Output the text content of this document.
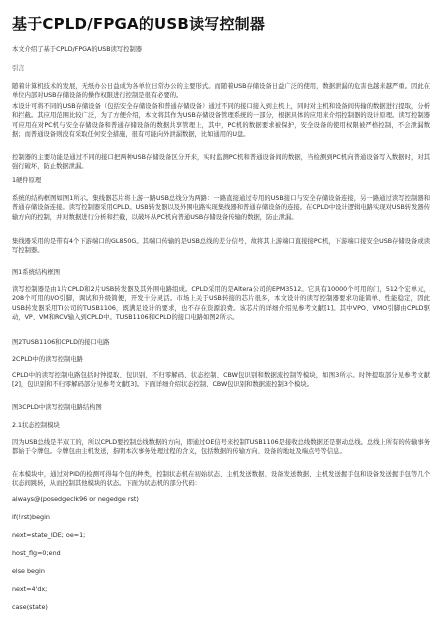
基于CPLD/FPGA的USB读写控制器

本文介绍了基于CPLD/FPGA的USB读写控制器

引言

随着计算机技术的发展，无纸办公日益成为各单位日常办公的主要形式。而随着USB存储设备日益广泛的使用，数据泄漏的危害也越来越严重。因此在单位内部对USB存储设备的操作权限进行控制是很有必要的。

本设计可将不同的USB存储设备（包括安全存储设备和普通存储设备）通过不同的接口接入到主机上，同时对主机和设备间传输的数据进行提取，分析和拦截。其应用范围比较广泛，为了方便介绍，本文将其作为USB存储设备管理系统的一部分，根据具体的应用来介绍控制器的设计原理。读写控制器可应用在对PC机与安全存储设备和普通存储设备的数据共享管理上，其中，PC机的数据要求被保护，安全设备的使用权限被严格控制，不会泄漏数据；而普通设备则没有采取任何安全措施，很有可能向外泄漏数据，比如通用的U盘。

控制器的主要功能是通过不同的接口把两种USB存储设备区分开来，实时监测PC机和普通设备间的数据，当检测到PC机向普通设备写入数据时，对其强行破坏，防止数据泄漏。

1硬件原理

系统的结构框图如图1所示。集线器芯片将上游一路USB总线分为两路：一路直接通过专用的USB接口与安全存储设备连接，另一路通过读写控制器和普通存储设备连接。读写控制器采用CPLD。USB转发器以及外围电路实现集线器和普通存储设备的连接。在CPLD中设计逻辑电路实现对USB转发器传输方向的控制，并对数据进行分析和拦截，以破坏从PC机向普通USB存储设备传输的数据，防止泄漏。

集线器采用的是带有4个下游端口的GL850G。其端口传输的是USB总线的差分信号，故将其上游端口直接接PC机，下游端口接安全USB存储设备或读写控制器。

图1系统结构框图

读写控制器是由1片CPLD和2片USB转发器及其外围电路组成。CPLD采用的是Altera公司的EPM3512。它具有10000个可用的门，512个宏单元，208个可用的I/O引脚，调试和升级简便，开发十分灵活。市场上关于USB转接的芯片很多，本文设计的读写控制器要求功能简单、性能稳定，因此USB转发器采用TI公司的TUSB1106，既满足设计的要求，也不存在资源浪费。该芯片的详细介绍见参考文献[1]。其中VPO、VMO引脚由CPLD驱动，VP、VM和RCV输入到CPLD中。TUSB1106和CPLD的接口电路如图2所示。

图2TUSB1106和CPLD的接口电路

2CPLD中的读写控制电路

CPLD中的读写控制电路包括时钟提取、包识别、不归零解码、状态控制、CBW包识别和数据流控制等模块，如图3所示。时钟提取部分见参考文献[2]，包识别和不归零解码部分见参考文献[3]。下面详细介绍状态控制、CBW包识别和数据流控制3个模块。

图3CPLD中读写控制电路结构图

2.1状态控制模块

因为USB总线是半双工的，所以CPLD要控制总线数据的方向，即通过OE信号来控制TUSB1106是接收总线数据还是驱动总线。总线上所有的传输事务都始于令牌包。令牌包由主机发送，指明本次事务处理过程的含义，包括数据的传输方向、设备的地址及端点号等信息。

在本模块中，通过对PID的检测可得每个包的种类，控制状态机在初始状态、主机发送数据、设备发送数据、主机发送握手包和设备发送握手包等几个状态间跳转，从而控制其他模块的状态。下面为状态机的部分代码：

always@(posedgeclk96 or negedge rst)

if(!rst)begin

next=state_IDE; oe=1;

host_flg=0;end

else begin

next=4'dx;

case(state)
